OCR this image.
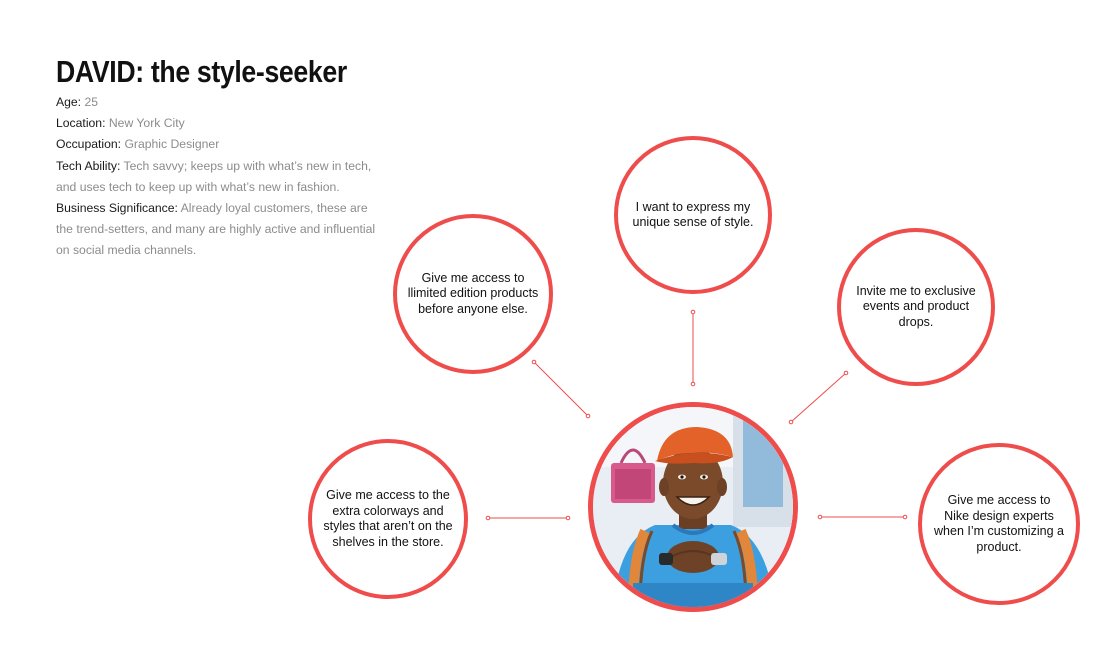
DAVID: the style-seeker

Age: 25

Location: New York City

Occupation: Graphic Designer

Tech Ability: Tech savvy; keeps up with what’s new in tech,

and uses tech to keep up with what’s new in fashion.

Business Significance: Already loyal customers, these are

the trend-setters, and many are highly active and influential

on social media channels.

Give me access to
llimited edition products
before anyone else.
I want to express my
unique sense of style.
Invite me to exclusive
events and product
drops.
Give me access to the
extra colorways and
styles that aren’t on the
shelves in the store.
Give me access to
Nike design experts
when I’m customizing a
product.
